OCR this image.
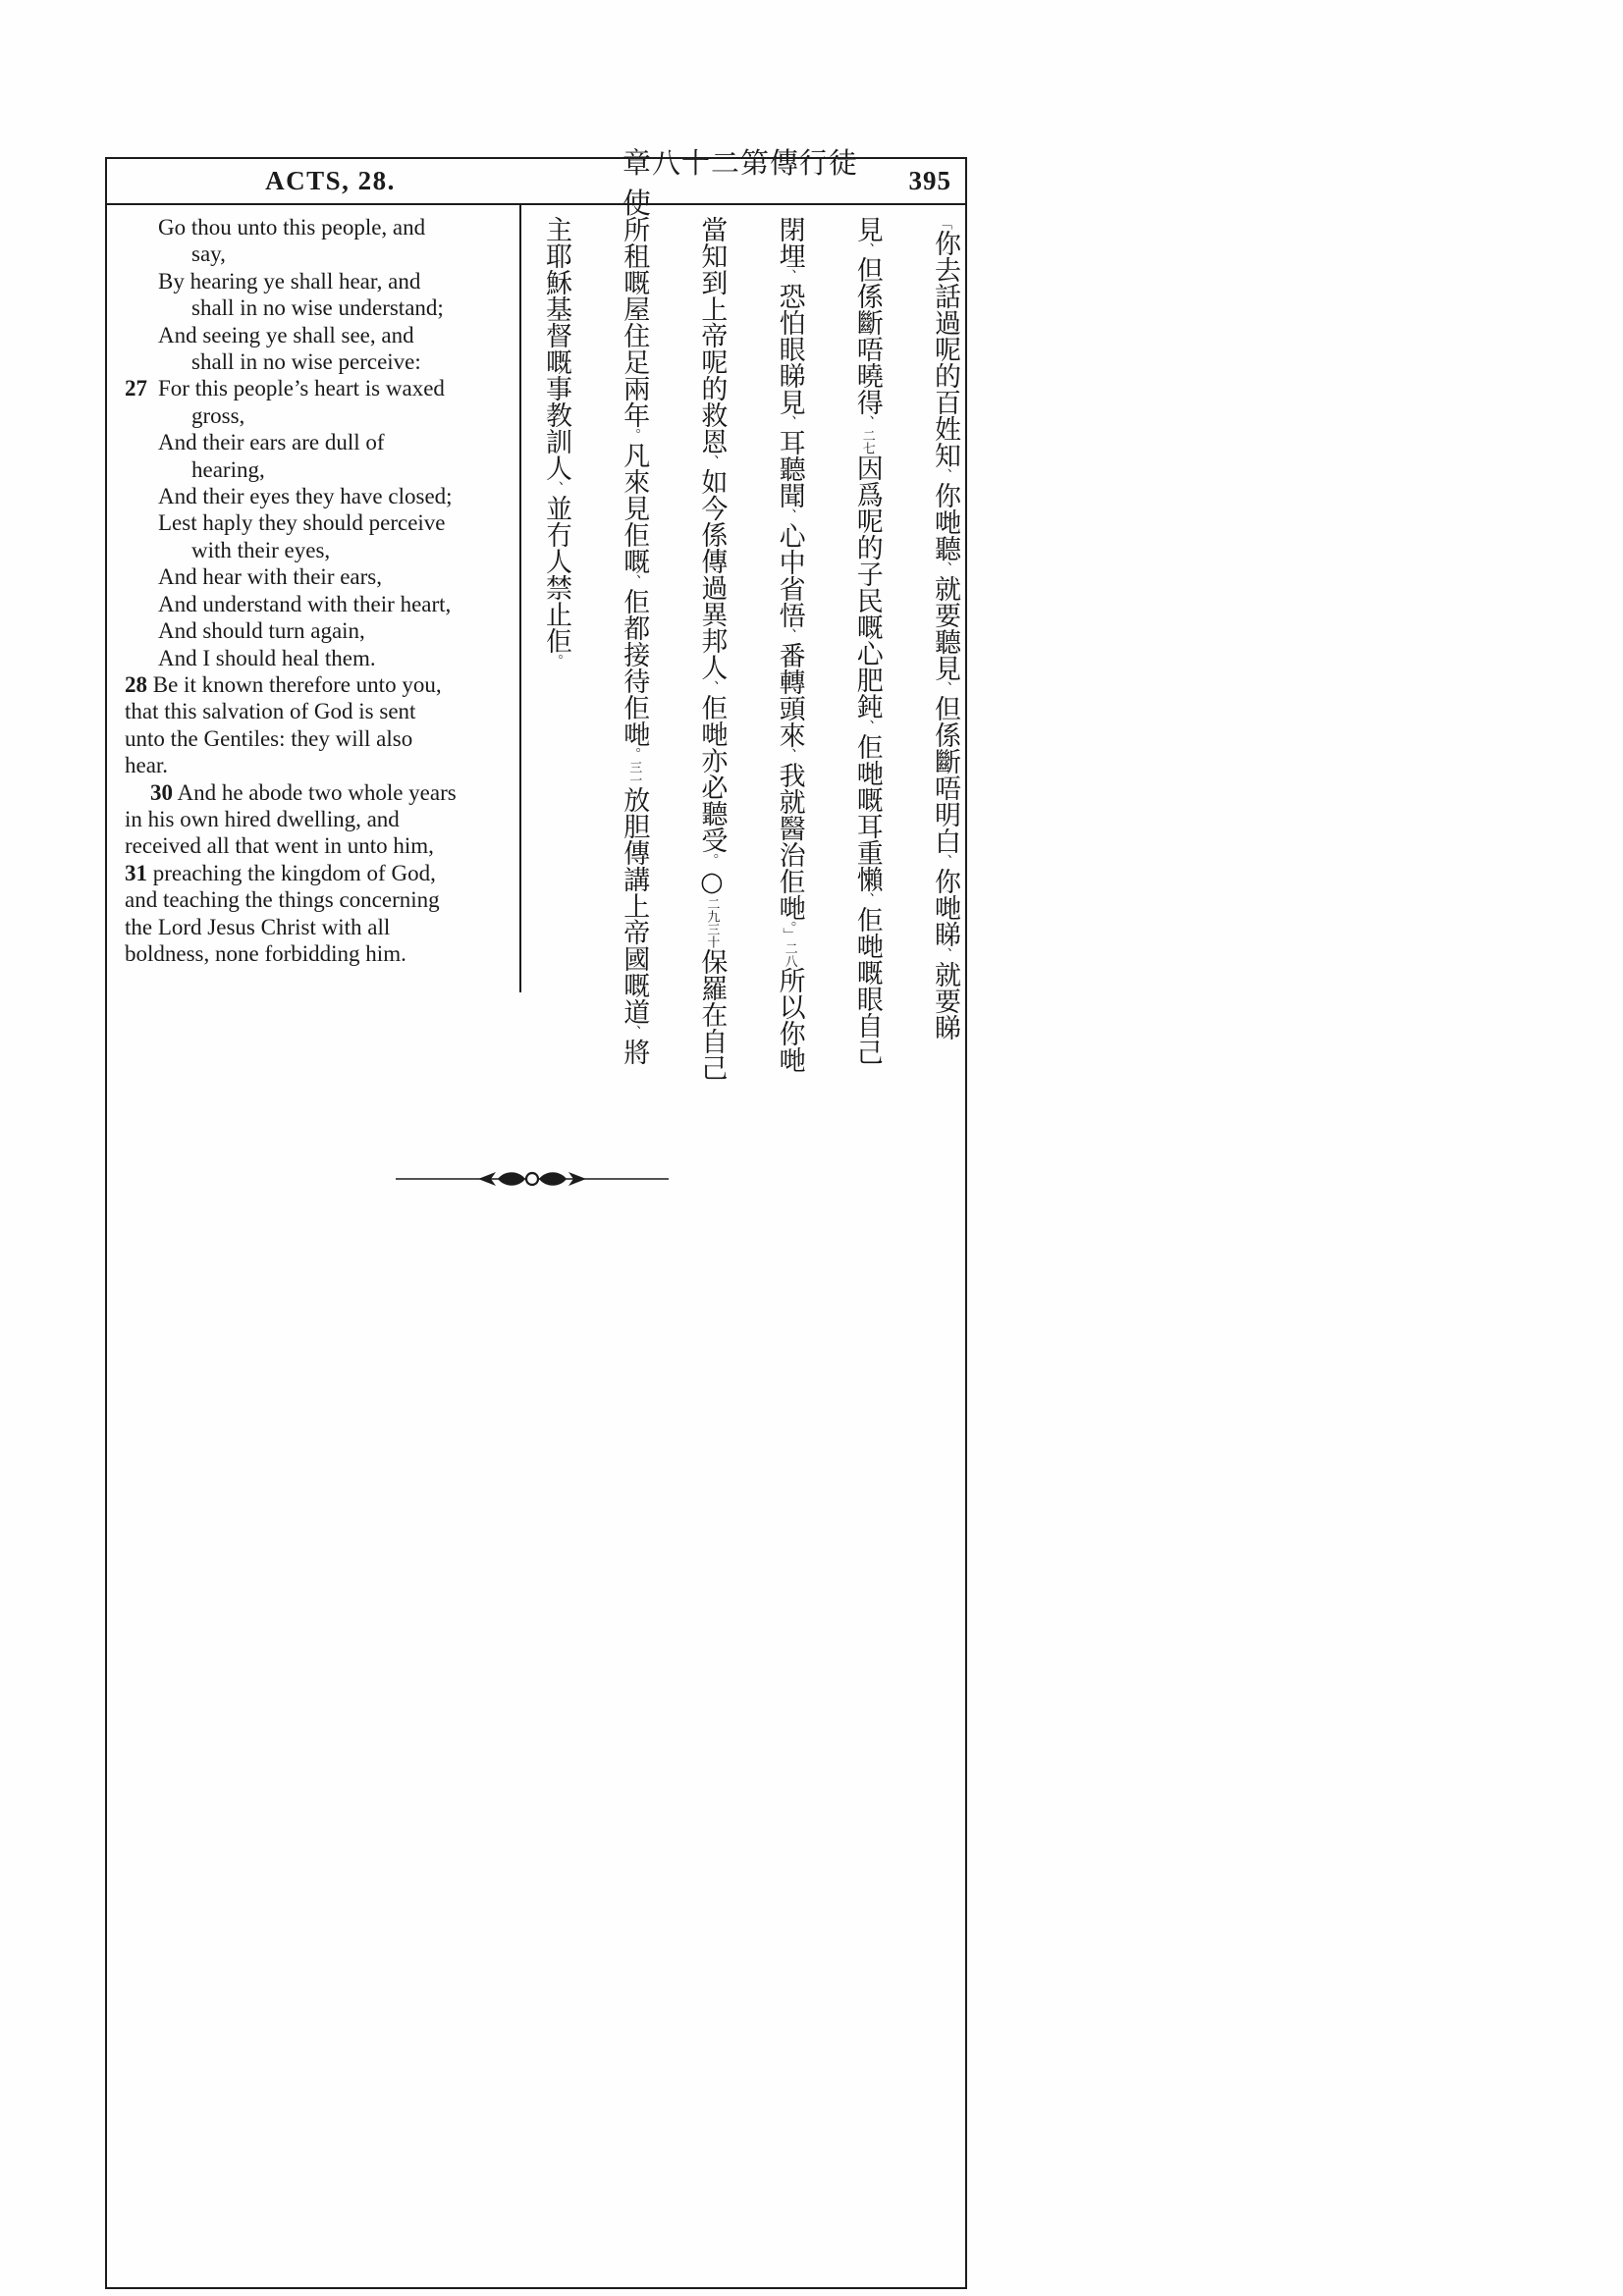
ACTS, 28.
章八十二第傳行徒使
395
Go thou unto this people, and
say,
By hearing ye shall hear, and
shall in no wise understand;
And seeing ye shall see, and
shall in no wise perceive:
27 For this people’s heart is waxed
gross,
And their ears are dull of
hearing,
And their eyes they have closed;
Lest haply they should perceive
with their eyes,
And hear with their ears,
And understand with their heart,
And should turn again,
And I should heal them.
28 Be it known therefore unto you,
that this salvation of God is sent
unto the Gentiles: they will also
hear.
30 And he abode two whole years
in his own hired dwelling, and
received all that went in unto him,
31 preaching the kingdom of God,
and teaching the things concerning
the Lord Jesus Christ with all
boldness, none forbidding him.
「你去話過呢的百姓知、你哋聽、就要聽見、但係斷唔明白、你哋睇、就要睇
見、但係斷唔曉得、二七因爲呢的子民嘅心肥鈍、佢哋嘅耳重懶、佢哋嘅眼自己
閉埋、恐怕眼睇見、耳聽聞、心中省悟、番轉頭來、我就醫治佢哋。」二八所以你哋
當知到上帝呢的救恩、如今係傳過異邦人、佢哋亦必聽受。○二九三十保羅在自己
所租嘅屋住足兩年。凡來見佢嘅、佢都接待佢哋。三一放胆傳講上帝國嘅道、將
主耶穌基督嘅事教訓人、並冇人禁止佢。
